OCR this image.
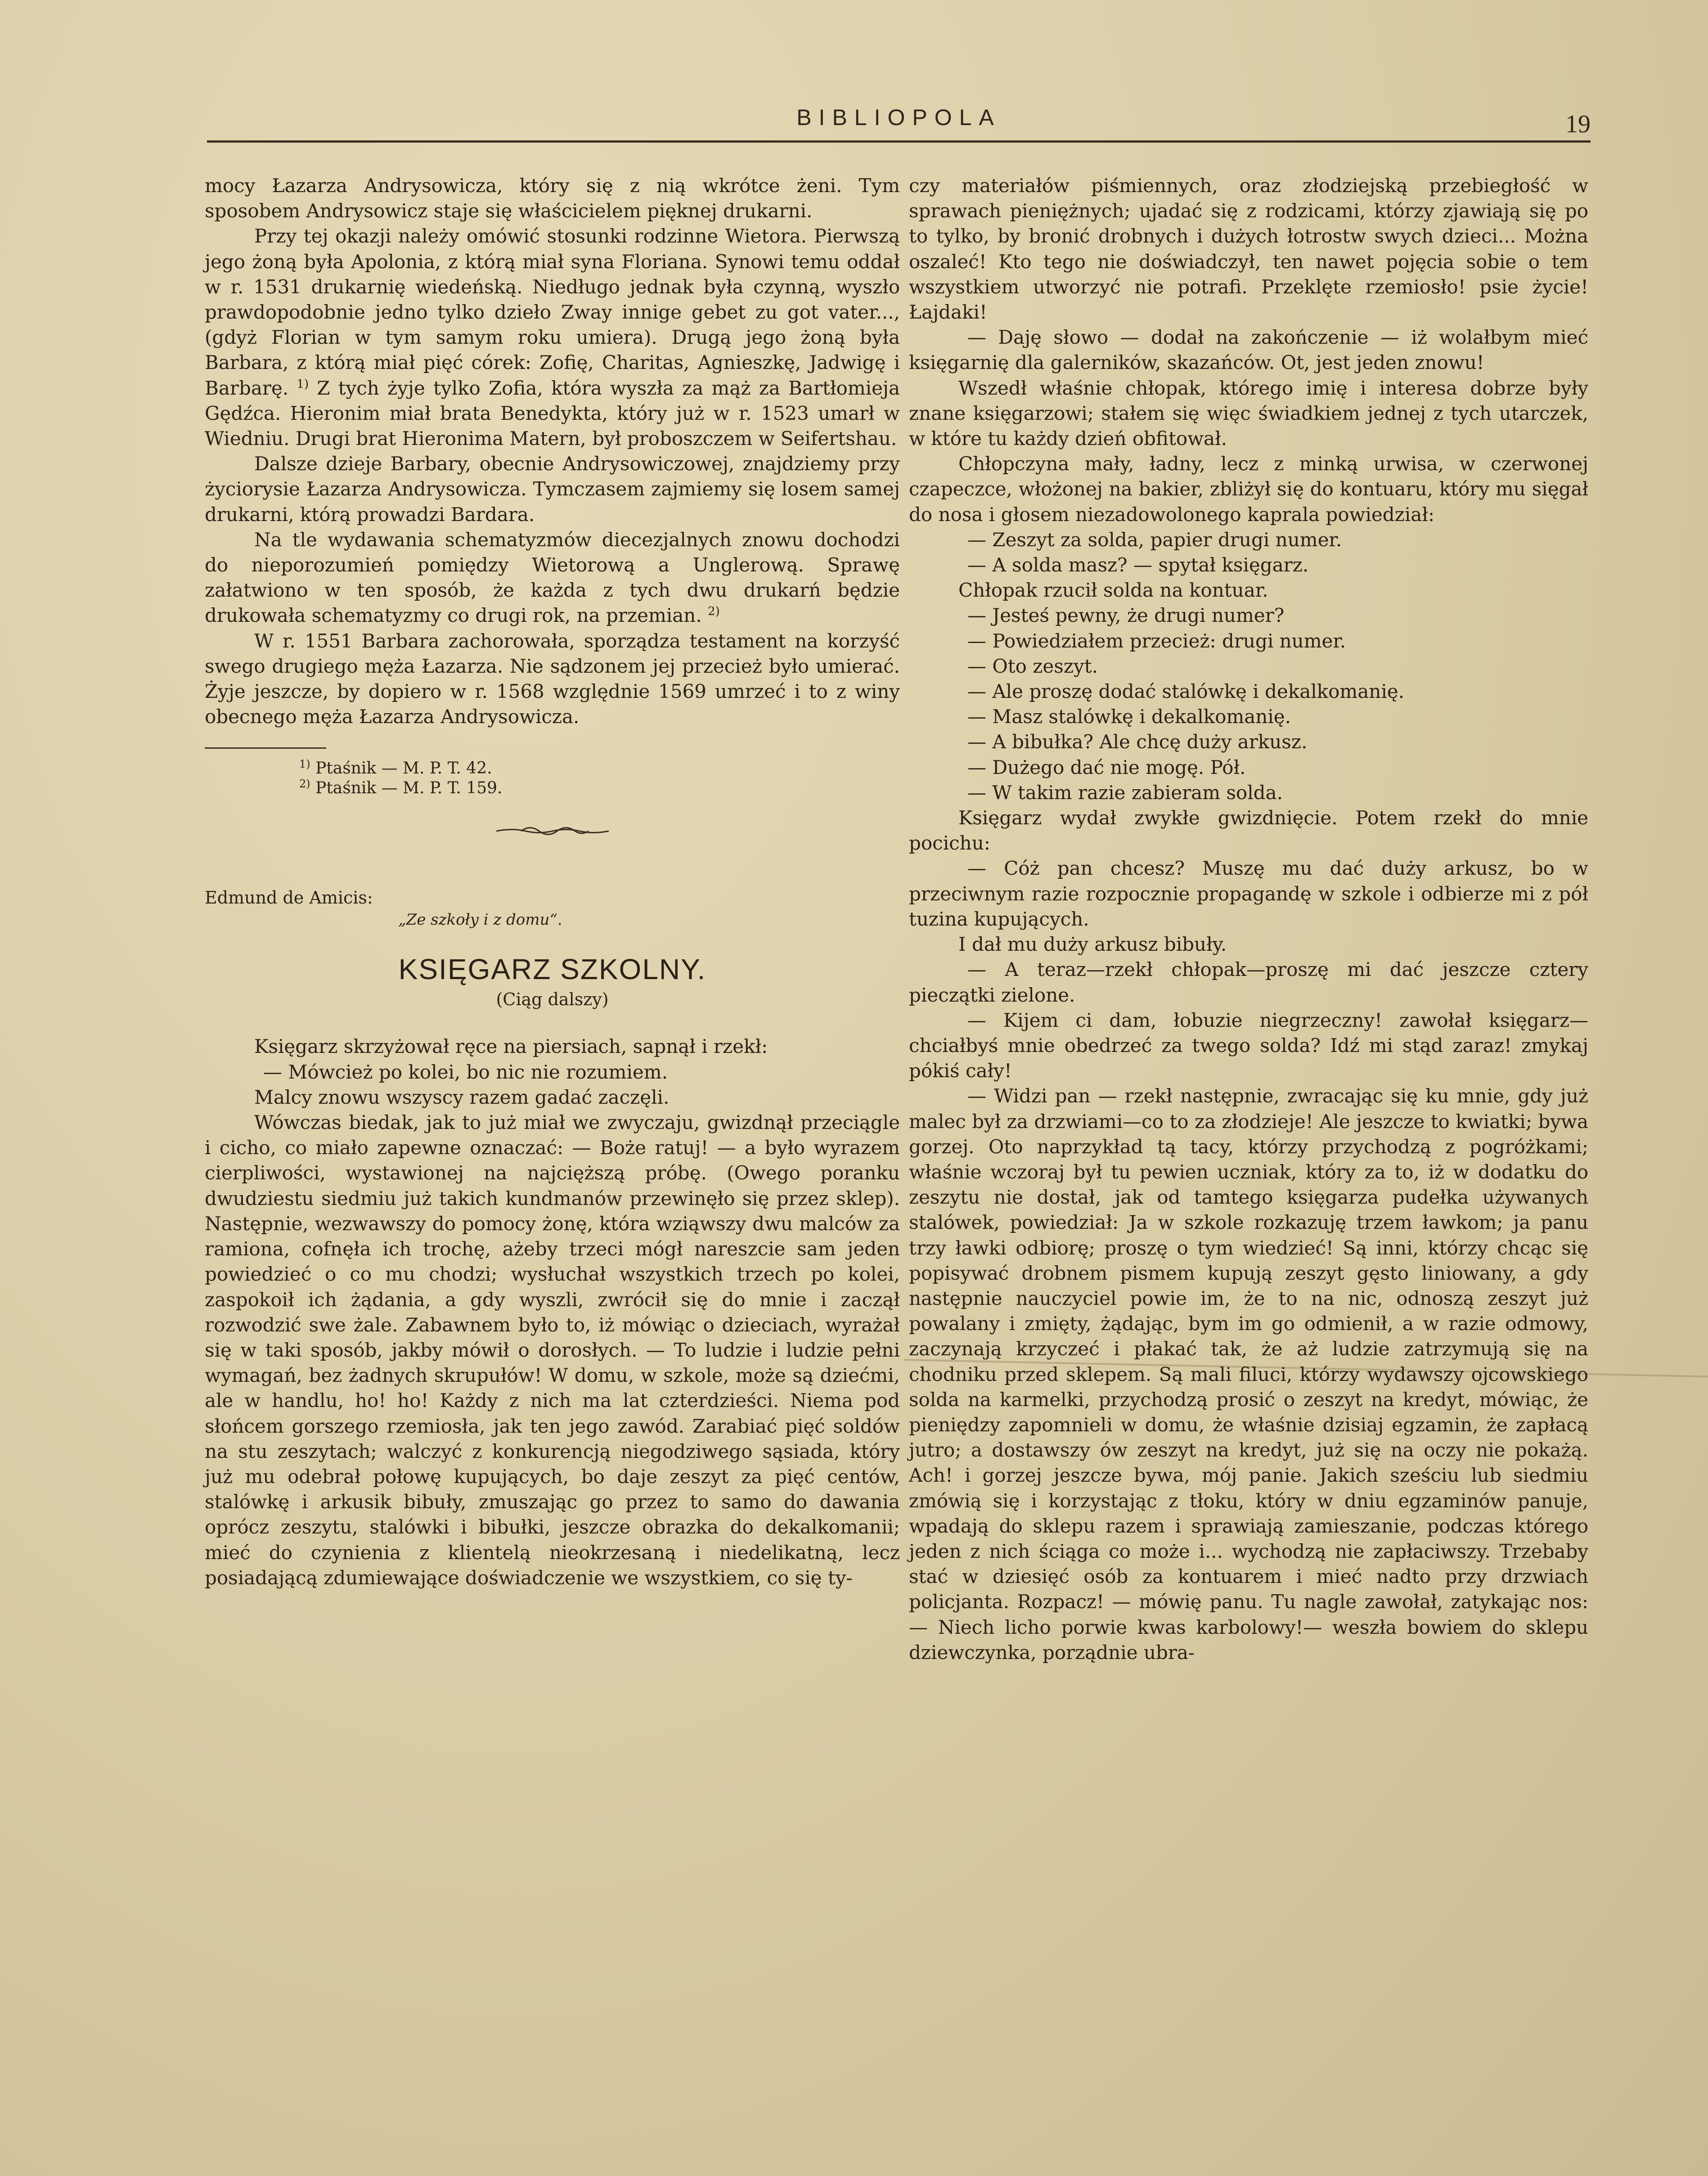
BIBLIOPOLA	19

mocy Łazarza Andrysowicza, który się z nią wkrótce żeni. Tym sposobem Andrysowicz staje się właścicielem pięknej drukarni.

Przy tej okazji należy omówić stosunki rodzinne Wietora. Pierwszą jego żoną była Apolonia, z którą miał syna Floriana. Synowi temu oddał w r. 1531 drukarnię wiedeńską. Niedługo jednak była czynną, wyszło prawdopodobnie jedno tylko dzieło Zway innige gebet zu got vater..., (gdyż Florian w tym samym roku umiera). Drugą jego żoną była Barbara, z którą miał pięć córek: Zofię, Charitas, Agnieszkę, Jadwigę i Barbarę. $^{1)}$ Z tych żyje tylko Zofia, która wyszła za mąż za Bartłomieja Gędźca. Hieronim miał brata Benedykta, który już w r. 1523 umarł w Wiedniu. Drugi brat Hieronima Matern, był proboszczem w Seifertshau.

Dalsze dzieje Barbary, obecnie Andrysowiczowej, znajdziemy przy życiorysie Łazarza Andrysowicza. Tymczasem zajmiemy się losem samej drukarni, którą prowadzi Bardara.

Na tle wydawania schematyzmów diecezjalnych znowu dochodzi do nieporozumień pomiędzy Wietorową a Unglerową. Sprawę załatwiono w ten sposób, że każda z tych dwu drukarń będzie drukowała schematyzmy co drugi rok, na przemian. $^{2)}$

W r. 1551 Barbara zachorowała, sporządza testament na korzyść swego drugiego męża Łazarza. Nie sądzonem jej przecież było umierać. Żyje jeszcze, by dopiero w r. 1568 względnie 1569 umrzeć i to z winy obecnego męża Łazarza Andrysowicza.

$^{1)}$ Ptaśnik — M. P. T. 42.

$^{2)}$ Ptaśnik — M. P. T. 159.

Edmund de Amicis:
„Ze szkoły i z domu“.
KSIĘGARZ SZKOLNY.
(Ciąg dalszy)

Księgarz skrzyżował ręce na piersiach, sapnął i rzekł:

— Mówcież po kolei, bo nic nie rozumiem.

Malcy znowu wszyscy razem gadać zaczęli.

Wówczas biedak, jak to już miał we zwyczaju, gwizdnął przeciągle i cicho, co miało zapewne oznaczać: — Boże ratuj! — a było wyrazem cierpliwości, wystawionej na najcięższą próbę. (Owego poranku dwudziestu siedmiu już takich kundmanów przewinęło się przez sklep). Następnie, wezwawszy do pomocy żonę, która wziąwszy dwu malców za ramiona, cofnęła ich trochę, ażeby trzeci mógł nareszcie sam jeden powiedzieć o co mu chodzi; wysłuchał wszystkich trzech po kolei, zaspokoił ich żądania, a gdy wyszli, zwrócił się do mnie i zaczął rozwodzić swe żale. Zabawnem było to, iż mówiąc o dzieciach, wyrażał się w taki sposób, jakby mówił o dorosłych. — To ludzie i ludzie pełni wymagań, bez żadnych skrupułów! W domu, w szkole, może są dziećmi, ale w handlu, ho! ho! Każdy z nich ma lat czterdzieści. Niema pod słońcem gorszego rzemiosła, jak ten jego zawód. Zarabiać pięć soldów na stu zeszytach; walczyć z konkurencją niegodziwego sąsiada, który już mu odebrał połowę kupujących, bo daje zeszyt za pięć centów, stalówkę i arkusik bibuły, zmuszając go przez to samo do dawania oprócz zeszytu, stalówki i bibułki, jeszcze obrazka do dekalkomanii; mieć do czynienia z klientelą nieokrzesaną i niedelikatną, lecz posiadającą zdumiewające doświadczenie we wszystkiem, co się ty-

czy materiałów piśmiennych, oraz złodziejską przebiegłość w sprawach pieniężnych; ujadać się z rodzicami, którzy zjawiają się po to tylko, by bronić drobnych i dużych łotrostw swych dzieci... Można oszaleć! Kto tego nie doświadczył, ten nawet pojęcia sobie o tem wszystkiem utworzyć nie potrafi. Przeklęte rzemiosło! psie życie! Łajdaki!

— Daję słowo — dodał na zakończenie — iż wolałbym mieć księgarnię dla galerników, skazańców. Ot, jest jeden znowu!

Wszedł właśnie chłopak, którego imię i interesa dobrze były znane księgarzowi; stałem się więc świadkiem jednej z tych utarczek, w które tu każdy dzień obfitował.

Chłopczyna mały, ładny, lecz z minką urwisa, w czerwonej czapeczce, włożonej na bakier, zbliżył się do kontuaru, który mu sięgał do nosa i głosem niezadowolonego kaprala powiedział:

— Zeszyt za solda, papier drugi numer.

— A solda masz? — spytał księgarz.

Chłopak rzucił solda na kontuar.

— Jesteś pewny, że drugi numer?

— Powiedziałem przecież: drugi numer.

— Oto zeszyt.

— Ale proszę dodać stalówkę i dekalkomanię.

— Masz stalówkę i dekalkomanię.

— A bibułka? Ale chcę duży arkusz.

— Dużego dać nie mogę. Pół.

— W takim razie zabieram solda.

Księgarz wydał zwykłe gwizdnięcie. Potem rzekł do mnie pocichu:

— Cóż pan chcesz? Muszę mu dać duży arkusz, bo w przeciwnym razie rozpocznie propagandę w szkole i odbierze mi z pół tuzina kupujących.

I dał mu duży arkusz bibuły.

— A teraz—rzekł chłopak—proszę mi dać jeszcze cztery pieczątki zielone.

— Kijem ci dam, łobuzie niegrzeczny! zawołał księgarz—chciałbyś mnie obedrzeć za twego solda? Idź mi stąd zaraz! zmykaj pókiś cały!

— Widzi pan — rzekł następnie, zwracając się ku mnie, gdy już malec był za drzwiami—co to za złodzieje! Ale jeszcze to kwiatki; bywa gorzej. Oto naprzykład tą tacy, którzy przychodzą z pogróżkami; właśnie wczoraj był tu pewien uczniak, który za to, iż w dodatku do zeszytu nie dostał, jak od tamtego księgarza pudełka używanych stalówek, powiedział: Ja w szkole rozkazuję trzem ławkom; ja panu trzy ławki odbiorę; proszę o tym wiedzieć! Są inni, którzy chcąc się popisywać drobnem pismem kupują zeszyt gęsto liniowany, a gdy następnie nauczyciel powie im, że to na nic, odnoszą zeszyt już powalany i zmięty, żądając, bym im go odmienił, a w razie odmowy, zaczynają krzyczeć i płakać tak, że aż ludzie zatrzymują się na chodniku przed sklepem. Są mali filuci, którzy wydawszy ojcowskiego solda na karmelki, przychodzą prosić o zeszyt na kredyt, mówiąc, że pieniędzy zapomnieli w domu, że właśnie dzisiaj egzamin, że zapłacą jutro; a dostawszy ów zeszyt na kredyt, już się na oczy nie pokażą. Ach! i gorzej jeszcze bywa, mój panie. Jakich sześciu lub siedmiu zmówią się i korzystając z tłoku, który w dniu egzaminów panuje, wpadają do sklepu razem i sprawiają zamieszanie, podczas którego jeden z nich ściąga co może i... wychodzą nie zapłaciwszy. Trzebaby stać w dziesięć osób za kontuarem i mieć nadto przy drzwiach policjanta. Rozpacz! — mówię panu. Tu nagle zawołał, zatykając nos: — Niech licho porwie kwas karbolowy!— weszła bowiem do sklepu dziewczynka, porządnie ubra-
